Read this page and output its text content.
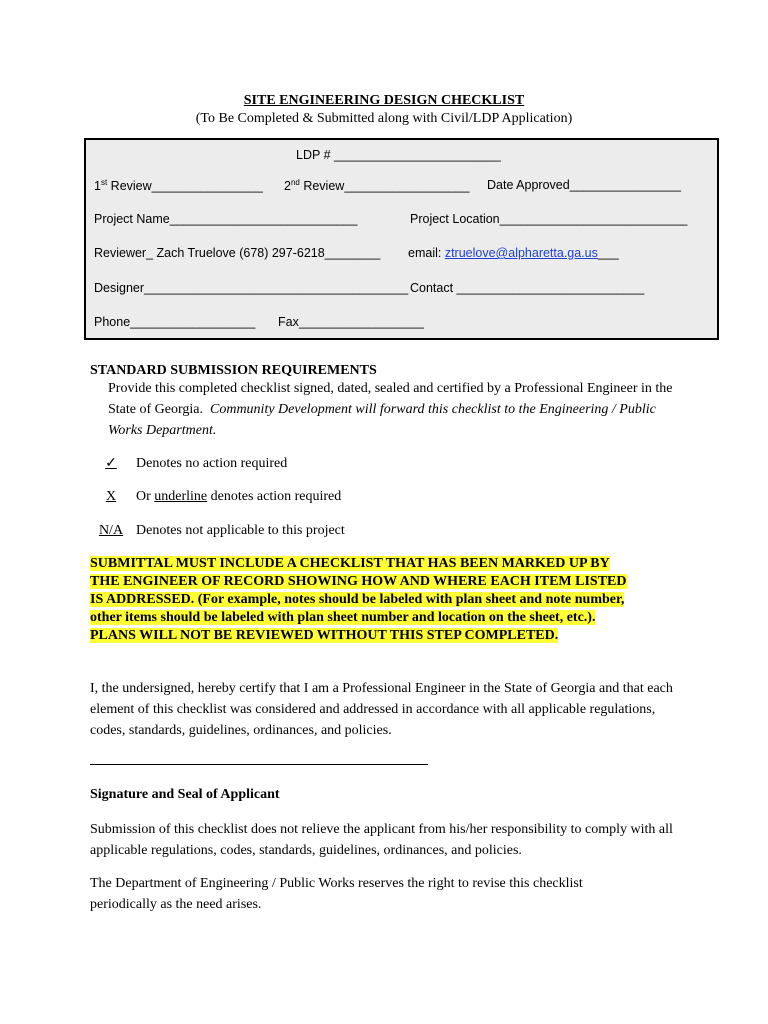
SITE ENGINEERING DESIGN CHECKLIST
(To Be Completed & Submitted along with Civil/LDP Application)
LDP # ________________________
1st Review________________ 2nd Review__________________ Date Approved________________
Project Name___________________________	Project Location___________________________
Reviewer_ Zach Truelove (678) 297-6218________ email: ztruelove@alpharetta.ga.us___
Designer______________________________________ Contact ___________________________
Phone__________________ Fax__________________
STANDARD SUBMISSION REQUIREMENTS
Provide this completed checklist signed, dated, sealed and certified by a Professional Engineer in the State of Georgia. Community Development will forward this checklist to the Engineering / Public Works Department.
✓ Denotes no action required
X Or underline denotes action required
N/A Denotes not applicable to this project
SUBMITTAL MUST INCLUDE A CHECKLIST THAT HAS BEEN MARKED UP BY
THE ENGINEER OF RECORD SHOWING HOW AND WHERE EACH ITEM LISTED
IS ADDRESSED. (For example, notes should be labeled with plan sheet and note number,
other items should be labeled with plan sheet number and location on the sheet, etc.).
PLANS WILL NOT BE REVIEWED WITHOUT THIS STEP COMPLETED.
I, the undersigned, hereby certify that I am a Professional Engineer in the State of Georgia and that each element of this checklist was considered and addressed in accordance with all applicable regulations, codes, standards, guidelines, ordinances, and policies.
Signature and Seal of Applicant
Submission of this checklist does not relieve the applicant from his/her responsibility to comply with all applicable regulations, codes, standards, guidelines, ordinances, and policies.
The Department of Engineering / Public Works reserves the right to revise this checklist periodically as the need arises.
